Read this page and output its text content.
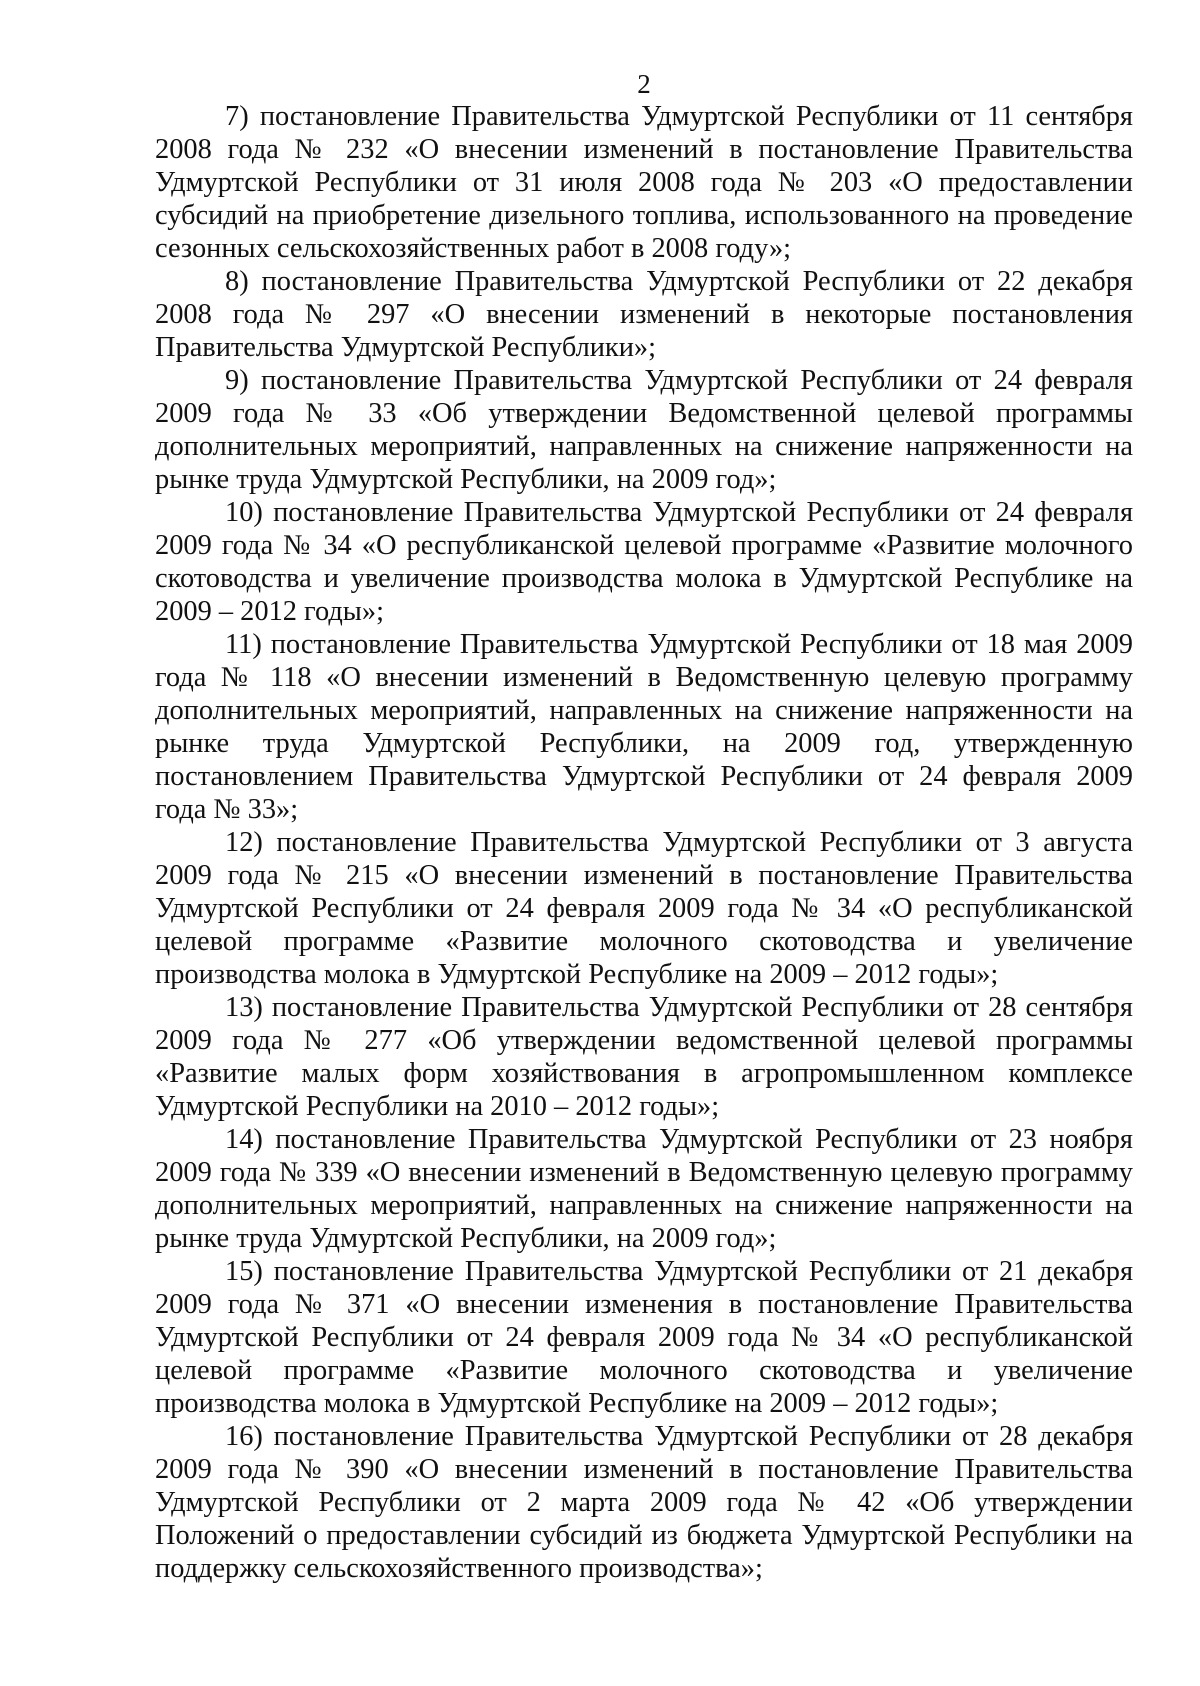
2

7) постановление Правительства Удмуртской Республики от 11 сентября 2008 года № 232 «О внесении изменений в постановление Правительства Удмуртской Республики от 31 июля 2008 года № 203 «О предоставлении субсидий на приобретение дизельного топлива, использованного на проведение сезонных сельскохозяйственных работ в 2008 году»;

8) постановление Правительства Удмуртской Республики от 22 декабря 2008 года № 297 «О внесении изменений в некоторые постановления Правительства Удмуртской Республики»;

9) постановление Правительства Удмуртской Республики от 24 февраля 2009 года № 33 «Об утверждении Ведомственной целевой программы дополнительных мероприятий, направленных на снижение напряженности на рынке труда Удмуртской Республики, на 2009 год»;

10) постановление Правительства Удмуртской Республики от 24 февраля 2009 года № 34 «О республиканской целевой программе «Развитие молочного скотоводства и увеличение производства молока в Удмуртской Республике на 2009 – 2012 годы»;

11) постановление Правительства Удмуртской Республики от 18 мая 2009 года № 118 «О внесении изменений в Ведомственную целевую программу дополнительных мероприятий, направленных на снижение напряженности на рынке труда Удмуртской Республики, на 2009 год, утвержденную постановлением Правительства Удмуртской Республики от 24 февраля 2009 года № 33»;

12) постановление Правительства Удмуртской Республики от 3 августа 2009 года № 215 «О внесении изменений в постановление Правительства Удмуртской Республики от 24 февраля 2009 года № 34 «О республиканской целевой программе «Развитие молочного скотоводства и увеличение производства молока в Удмуртской Республике на 2009 – 2012 годы»;

13) постановление Правительства Удмуртской Республики от 28 сентября 2009 года № 277 «Об утверждении ведомственной целевой программы «Развитие малых форм хозяйствования в агропромышленном комплексе Удмуртской Республики на 2010 – 2012 годы»;

14) постановление Правительства Удмуртской Республики от 23 ноября 2009 года № 339 «О внесении изменений в Ведомственную целевую программу дополнительных мероприятий, направленных на снижение напряженности на рынке труда Удмуртской Республики, на 2009 год»;

15) постановление Правительства Удмуртской Республики от 21 декабря 2009 года № 371 «О внесении изменения в постановление Правительства Удмуртской Республики от 24 февраля 2009 года № 34 «О республиканской целевой программе «Развитие молочного скотоводства и увеличение производства молока в Удмуртской Республике на 2009 – 2012 годы»;

16) постановление Правительства Удмуртской Республики от 28 декабря 2009 года № 390 «О внесении изменений в постановление Правительства Удмуртской Республики от 2 марта 2009 года № 42 «Об утверждении Положений о предоставлении субсидий из бюджета Удмуртской Республики на поддержку сельскохозяйственного производства»;
